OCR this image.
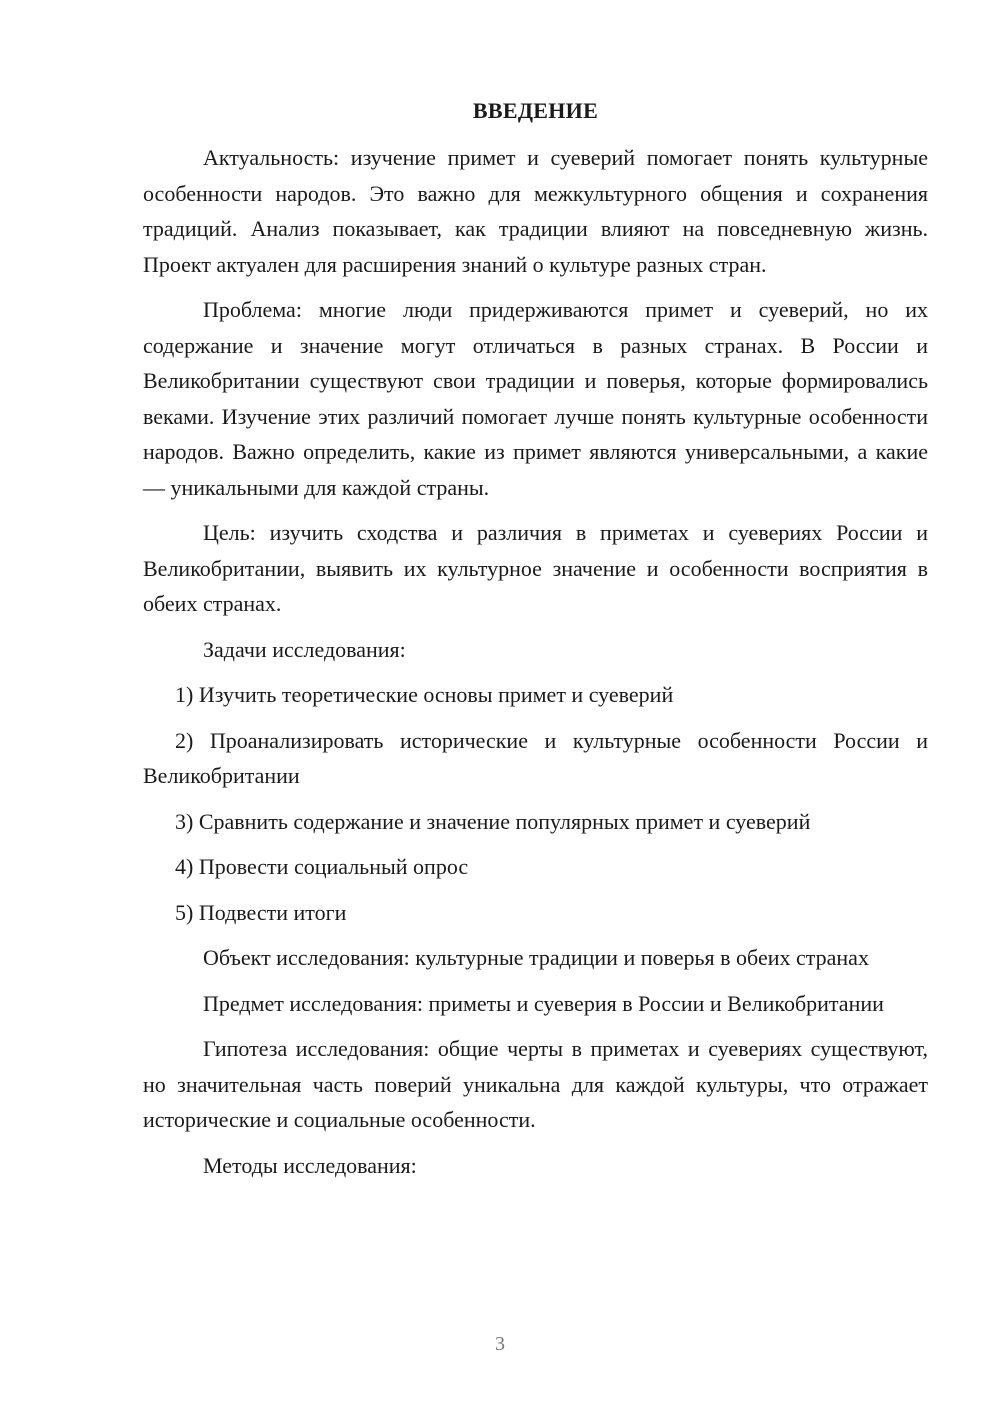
ВВЕДЕНИЕ

Актуальность: изучение примет и суеверий помогает понять культурные особенности народов. Это важно для межкультурного общения и сохранения традиций. Анализ показывает, как традиции влияют на повседневную жизнь. Проект актуален для расширения знаний о культуре разных стран.

Проблема: многие люди придерживаются примет и суеверий, но их содержание и значение могут отличаться в разных странах. В России и Великобритании существуют свои традиции и поверья, которые формировались веками. Изучение этих различий помогает лучше понять культурные особенности народов. Важно определить, какие из примет являются универсальными, а какие — уникальными для каждой страны.

Цель: изучить сходства и различия в приметах и суевериях России и Великобритании, выявить их культурное значение и особенности восприятия в обеих странах.

Задачи исследования:

1) Изучить теоретические основы примет и суеверий

2) Проанализировать исторические и культурные особенности России и Великобритании

3) Сравнить содержание и значение популярных примет и суеверий

4) Провести социальный опрос

5) Подвести итоги

Объект исследования: культурные традиции и поверья в обеих странах

Предмет исследования: приметы и суеверия в России и Великобритании

Гипотеза исследования: общие черты в приметах и суевериях существуют, но значительная часть поверий уникальна для каждой культуры, что отражает исторические и социальные особенности.

Методы исследования:

3
